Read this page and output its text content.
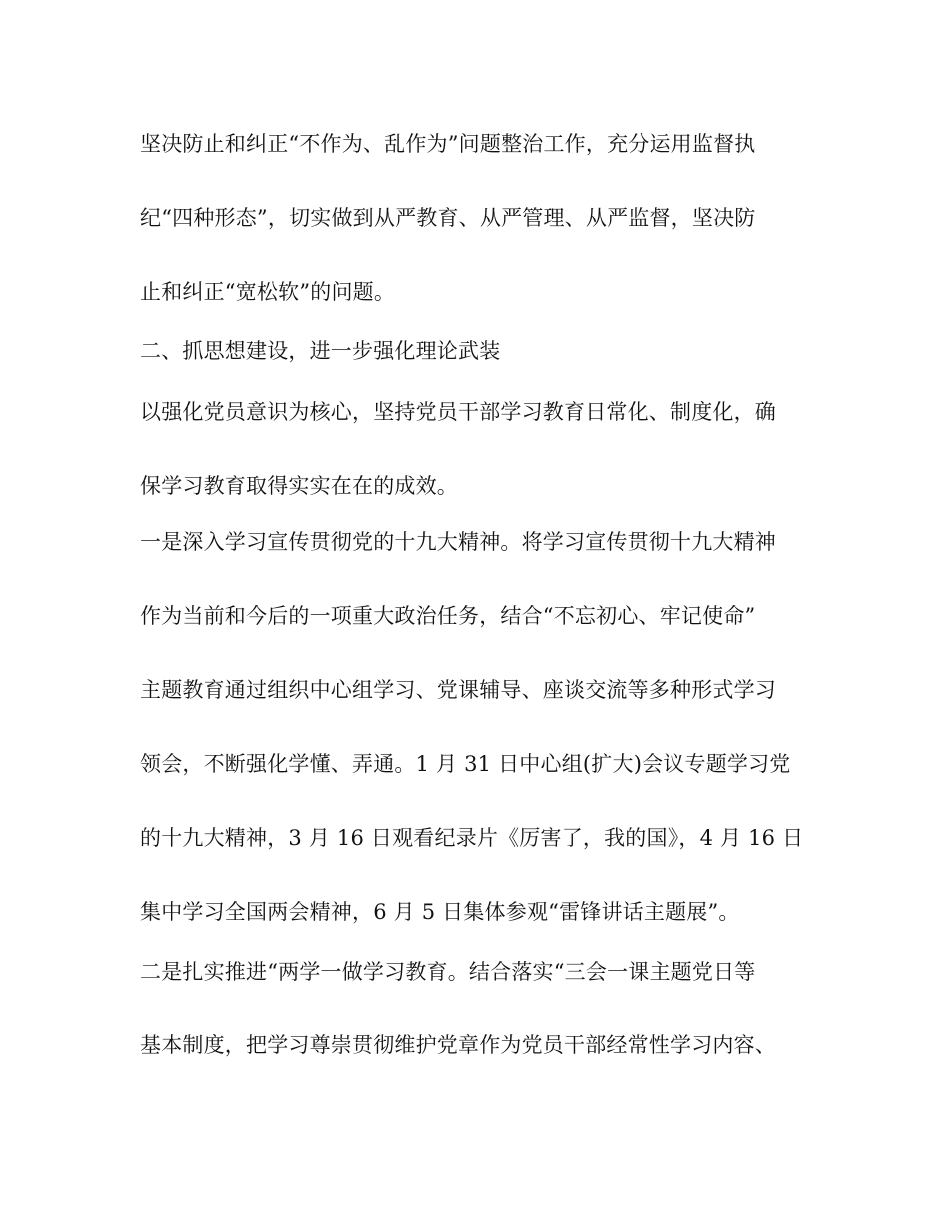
坚决防止和纠正“不作为、乱作为”问题整治工作，充分运用监督执
纪“四种形态”，切实做到从严教育、从严管理、从严监督，坚决防
止和纠正“宽松软”的问题。
二、抓思想建设，进一步强化理论武装
以强化党员意识为核心，坚持党员干部学习教育日常化、制度化，确
保学习教育取得实实在在的成效。
一是深入学习宣传贯彻党的十九大精神。将学习宣传贯彻十九大精神
作为当前和今后的一项重大政治任务，结合“不忘初心、牢记使命”
主题教育通过组织中心组学习、党课辅导、座谈交流等多种形式学习
领会，不断强化学懂、弄通。1 月 31 日中心组(扩大)会议专题学习党
的十九大精神，3 月 16 日观看纪录片《厉害了，我的国》，4 月 16 日
集中学习全国两会精神，6 月 5 日集体参观“雷锋讲话主题展”。
二是扎实推进“两学一做学习教育。结合落实“三会一课主题党日等
基本制度，把学习尊崇贯彻维护党章作为党员干部经常性学习内容、
